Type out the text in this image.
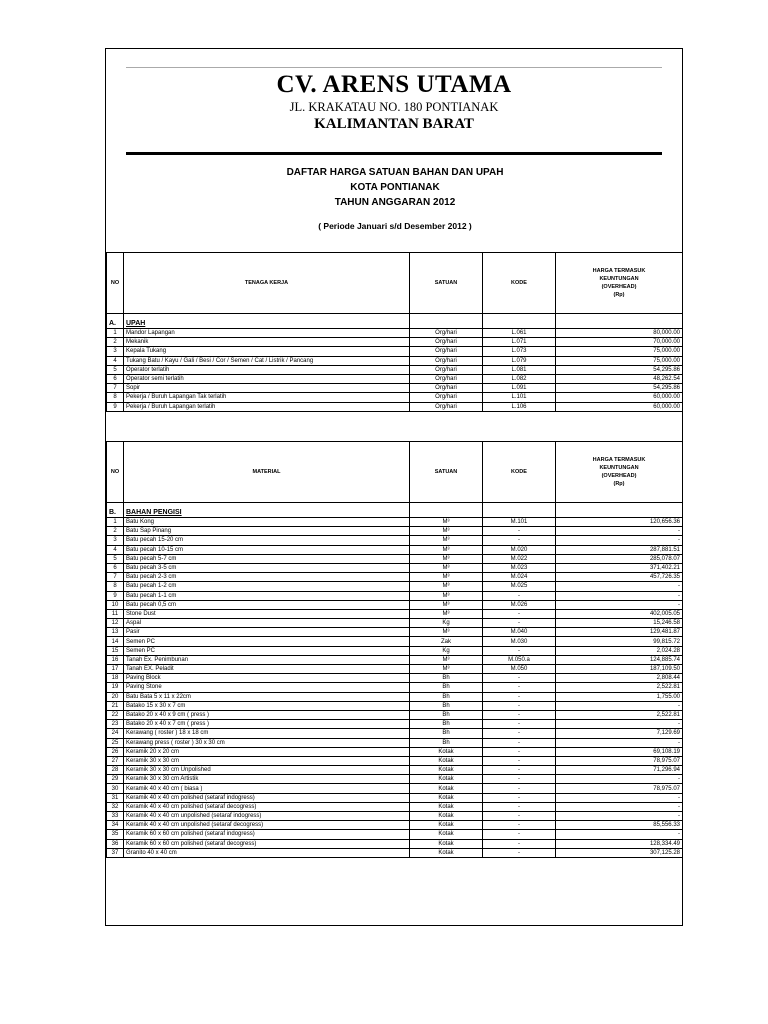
CV. ARENS UTAMA
JL. KRAKATAU NO. 180 PONTIANAK
KALIMANTAN BARAT
DAFTAR HARGA SATUAN BAHAN DAN UPAH
KOTA PONTIANAK
TAHUN ANGGARAN 2012
( Periode Januari s/d Desember 2012 )
NO	TENAGA KERJA	SATUAN	KODE	HARGA TERMASUK
KEUNTUNGAN
(OVERHEAD)
(Rp)

A.	UPAH			
1	Mandor Lapangan	Org/hari	L.061	80,000.00
2	Mekanik	Org/hari	L.071	70,000.00
3	Kepala Tukang	Org/hari	L.073	75,000.00
4	Tukang Batu / Kayu / Gali / Besi / Cor / Semen / Cat / Listrik / Pancang	Org/hari	L.079	75,000.00
5	Operator terlatih	Org/hari	L.081	54,295.86
6	Operator semi terlatih	Org/hari	L.082	48,262.54
7	Sopir	Org/hari	L.091	54,295.86
8	Pekerja / Buruh Lapangan Tak terlatih	Org/hari	L.101	60,000.00
9	Pekerja / Buruh Lapangan terlatih	Org/hari	L.106	60,000.00
NO	MATERIAL	SATUAN	KODE	HARGA TERMASUK
KEUNTUNGAN
(OVERHEAD)
(Rp)

B.	BAHAN PENGISI			
1	Batu Kong	M³	M.101	120,656.36
2	Batu Sap Pinang	M³	-	-
3	Batu pecah 15-20 cm	M³	-	-
4	Batu pecah 10-15 cm	M³	M.020	287,881.51
5	Batu pecah 5-7 cm	M³	M.022	285,078.07
6	Batu pecah 3-5 cm	M³	M.023	371,402.21
7	Batu pecah 2-3 cm	M³	M.024	457,726.35
8	Batu pecah 1-2 cm	M³	M.025	-
9	Batu pecah 1-1 cm	M³	-	-
10	Batu pecah 0,5 cm	M³	M.026	-
11	Stone Dust	M³	-	402,005.05
12	Aspal	Kg	-	15,246.58
13	Pasir	M³	M.040	129,481.87
14	Semen PC	Zak	M.030	99,815.72
15	Semen PC	Kg	-	2,024.28
16	Tanah Ex. Penimbunan	M³	M.050.a	124,885.74
17	Tanah EX. Peladit	M³	M.050	187,109.50
18	Paving Block	Bh	-	2,808.44
19	Paving Stone	Bh	-	2,522.81
20	Batu Bata 5 x 11 x 22cm	Bh	-	1,755.00
21	Batako 15 x 30 x 7 cm	Bh	-	-
22	Batako 20 x 40 x 9 cm ( press )	Bh	-	2,522.81
23	Batako 20 x 40 x 7 cm ( press )	Bh	-	-
24	Kerawang ( roster ) 18 x 18 cm	Bh	-	7,129.69
25	Kerawang press ( roster ) 30 x 30 cm	Bh	-	-
26	Keramik 20 x 20 cm	Kotak	-	69,108.19
27	Keramik 30 x 30 cm	Kotak	-	78,975.07
28	Keramik 30 x 30 cm Unpolished	Kotak	-	71,296.94
29	Keramik 30 x 30 cm Artistik	Kotak	-	-
30	Keramik 40 x 40 cm ( biasa )	Kotak	-	78,975.07
31	Keramik 40 x 40 cm polished (setaraf indogress)	Kotak	-	-
32	Keramik 40 x 40 cm polished (setaraf decogress)	Kotak	-	-
33	Keramik 40 x 40 cm unpolished (setaraf indogress)	Kotak	-	-
34	Keramik 40 x 40 cm unpolished (setaraf decogress)	Kotak	-	85,556.33
35	Keramik 60 x 60 cm polished (setaraf indogress)	Kotak	-	-
36	Keramik 60 x 60 cm polished (setaraf decogress)	Kotak	-	128,334.49
37	Granito 40 x 40 cm	Kotak	-	307,125.28
